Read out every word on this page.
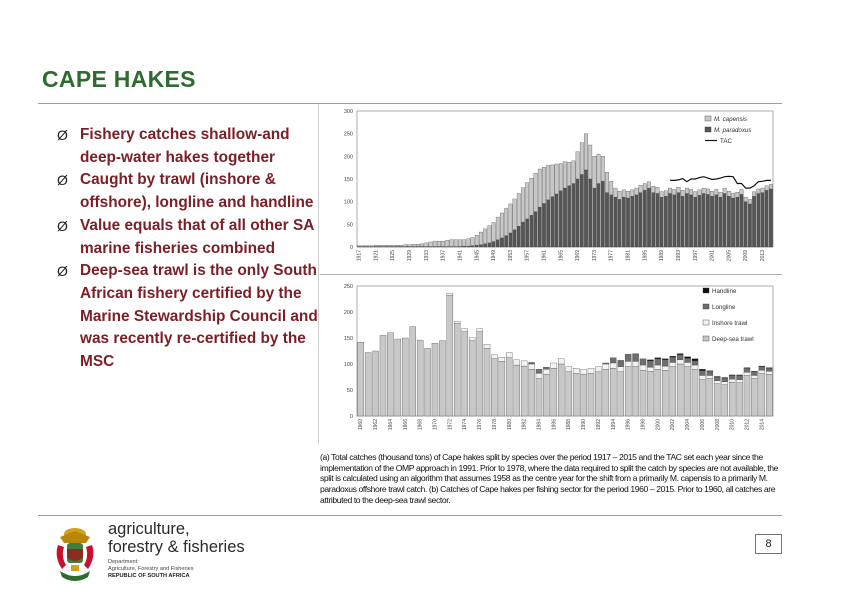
CAPE HAKES
Ø Fishery catches shallow-and deep-water hakes together
Ø Caught by trawl (inshore & offshore), longline and handline
Ø Value equals that of all other SA marine fisheries combined
Ø Deep-sea trawl is the only South African fishery certified by the Marine Stewardship Council and was recently re-certified by the MSC
0
50
100
150
200
250
300
1917 1921 1925 1929 1933 1937 1941 1945 1949 1953 1957 1961 1965 1969 1973 1977 1981 1985 1989 1993 1997 2001 2005 2009 2013
M. capensis
M. paradoxus
TAC
0
50
100
150
200
250
1960 1962 1964 1966 1968 1970 1972 1974 1976 1978 1980 1982 1984 1986 1988 1990 1992 1994 1996 1998 2000 2002 2004 2006 2008 2010 2012 2014
Handline
Longline
Inshore trawl
Deep-sea trawl
(a) Total catches (thousand tons) of Cape hakes split by species over the period 1917 – 2015 and the TAC set each year since the implementation of the OMP approach in 1991. Prior to 1978, where the data required to split the catch by species are not available, the split is calculated using an algorithm that assumes 1958 as the centre year for the shift from a primarily M. capensis to a primarily M. paradoxus offshore trawl catch. (b) Catches of Cape hakes per fishing sector for the period 1960 – 2015. Prior to 1960, all catches are attributed to the deep-sea trawl sector.
agriculture,
forestry & fisheries
Department:
Agriculture, Forestry and Fisheries
REPUBLIC OF SOUTH AFRICA
8
